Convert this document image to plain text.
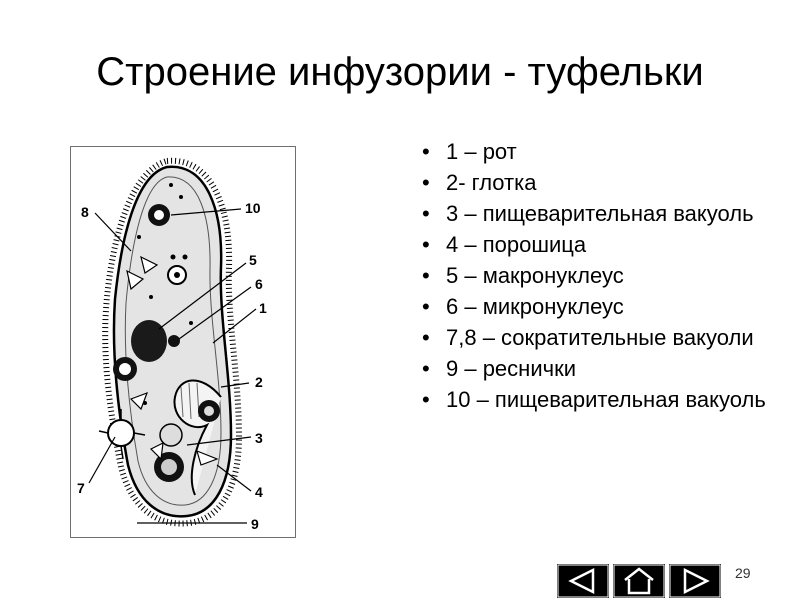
Строение инфузории - туфельки
8	10
5
6
1
2
3
7	4
9
• 1 – рот
• 2- глотка
• 3 – пищеварительная вакуоль
• 4 – порошица
• 5 – макронуклеус
• 6 – микронуклеус
• 7,8 – сократительные вакуоли
• 9 – реснички
• 10 – пищеварительная вакуоль
29
